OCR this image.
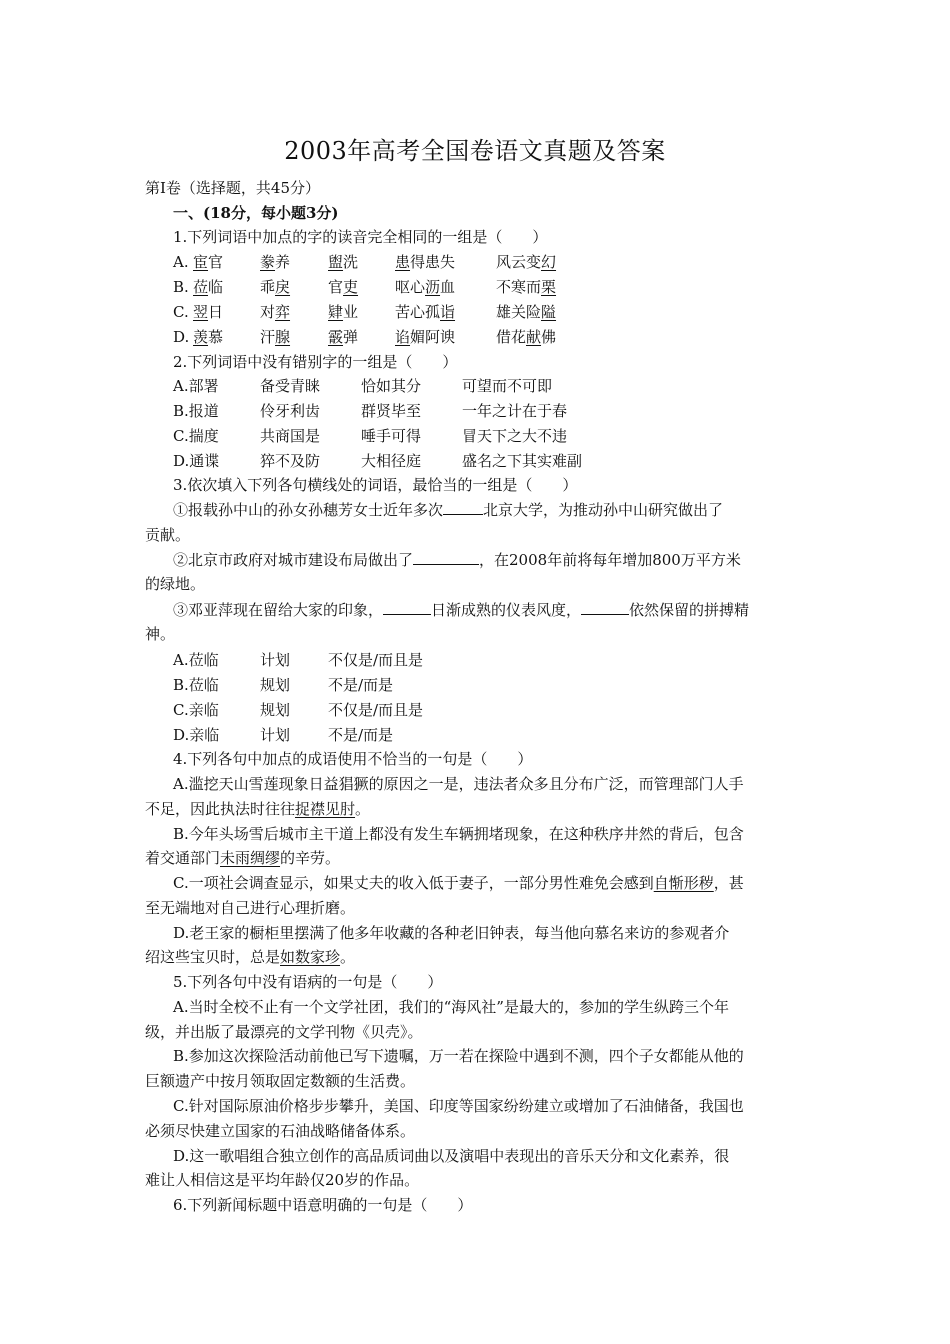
2003年高考全国卷语文真题及答案
第Ⅰ卷（选择题，共45分）
一、(18分，每小题3分)
1.下列词语中加点的字的读音完全相同的一组是（　　）
A. 宦官 豢养	盥洗 患得患失	风云变幻
B. 莅临 乖戾	官吏 呕心沥血	不寒而栗
C. 翌日 对弈	肄业 苦心孤诣	雄关险隘
D. 羡慕 汗腺	霰弹 谄媚阿谀	借花献佛
2.下列词语中没有错别字的一组是（　　）
A.部署	备受青睐	恰如其分	可望而不可即
B.报道	伶牙利齿	群贤毕至	一年之计在于春
C.揣度	共商国是	唾手可得	冒天下之大不违
D.通谍	猝不及防	大相径庭	盛名之下其实难副
3.依次填入下列各句横线处的词语，最恰当的一组是（　　）
①报载孙中山的孙女孙穗芳女士近年多次	北京大学，为推动孙中山研究做出了
贡献。
②北京市政府对城市建设布局做出了	，在2008年前将每年增加800万平方米
的绿地。
③邓亚萍现在留给大家的印象，	日渐成熟的仪表风度，	依然保留的拼搏精
神。
A.莅临	计划	不仅是/而且是
B.莅临	规划	不是/而是
C.亲临	规划	不仅是/而且是
D.亲临	计划	不是/而是
4.下列各句中加点的成语使用不恰当的一句是（　　）
A.滥挖天山雪莲现象日益猖獗的原因之一是，违法者众多且分布广泛，而管理部门人手
不足，因此执法时往往捉襟见肘。
B.今年头场雪后城市主干道上都没有发生车辆拥堵现象，在这种秩序井然的背后，包含
着交通部门未雨绸缪的辛劳。
C.一项社会调查显示，如果丈夫的收入低于妻子，一部分男性难免会感到自惭形秽，甚
至无端地对自己进行心理折磨。
D.老王家的橱柜里摆满了他多年收藏的各种老旧钟表，每当他向慕名来访的参观者介
绍这些宝贝时，总是如数家珍。
5.下列各句中没有语病的一句是（　　）
A.当时全校不止有一个文学社团，我们的“海风社”是最大的，参加的学生纵跨三个年
级，并出版了最漂亮的文学刊物《贝壳》。
B.参加这次探险活动前他已写下遗嘱，万一若在探险中遇到不测，四个子女都能从他的
巨额遗产中按月领取固定数额的生活费。
C.针对国际原油价格步步攀升，美国、印度等国家纷纷建立或增加了石油储备，我国也
必须尽快建立国家的石油战略储备体系。
D.这一歌唱组合独立创作的高品质词曲以及演唱中表现出的音乐天分和文化素养，很
难让人相信这是平均年龄仅20岁的作品。
6.下列新闻标题中语意明确的一句是（　　）
